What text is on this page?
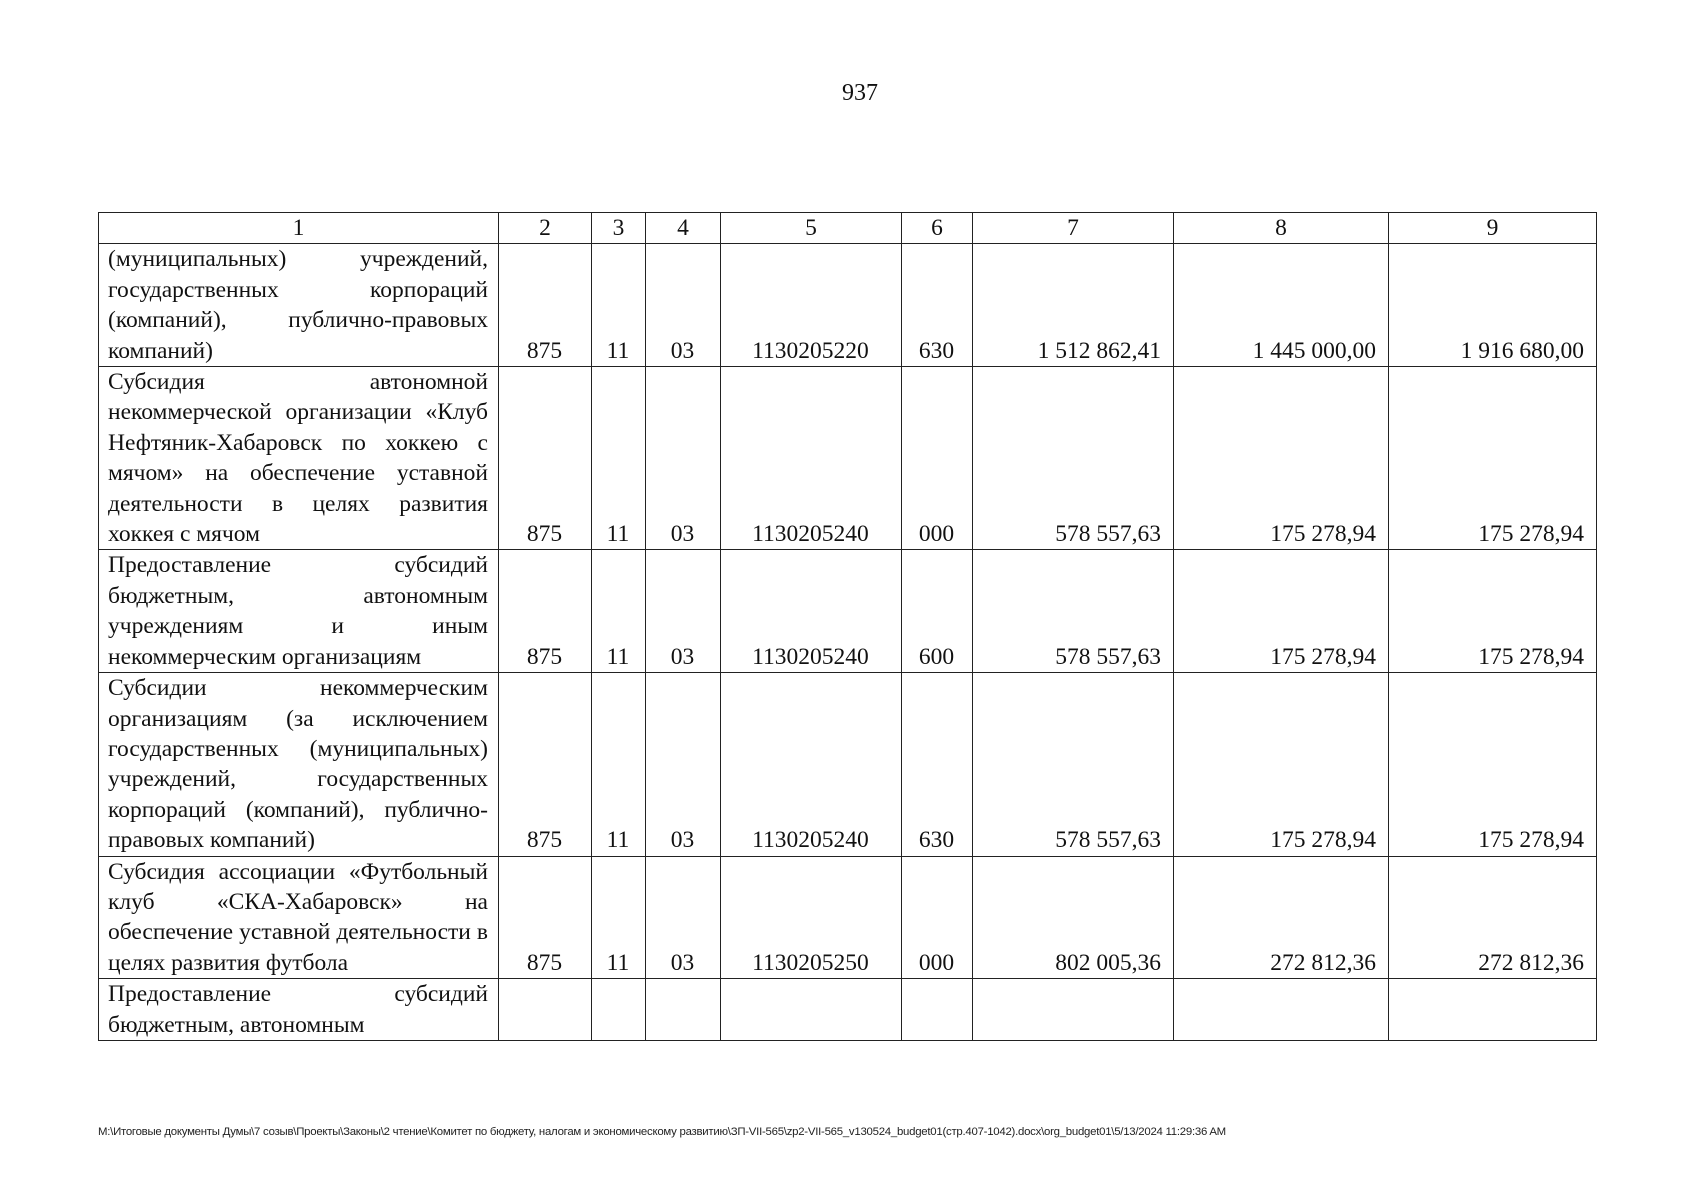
937
1	2	3	4	5	6	7	8	9
(муниципальных) учреждений, государственных корпораций (компаний), публично-правовых компаний)	875	11	03	1130205220	630	1 512 862,41	1 445 000,00	1 916 680,00
Субсидия автономной некоммерческой организации «Клуб Нефтяник-Хабаровск по хоккею с мячом» на обеспечение уставной деятельности в целях развития хоккея с мячом	875	11	03	1130205240	000	578 557,63	175 278,94	175 278,94
Предоставление субсидий бюджетным, автономным учреждениям и иным некоммерческим организациям	875	11	03	1130205240	600	578 557,63	175 278,94	175 278,94
Субсидии некоммерческим организациям (за исключением государственных (муниципальных) учреждений, государственных корпораций (компаний), публично-правовых компаний)	875	11	03	1130205240	630	578 557,63	175 278,94	175 278,94
Субсидия ассоциации «Футбольный клуб «СКА-Хабаровск» на обеспечение уставной деятельности в целях развития футбола	875	11	03	1130205250	000	802 005,36	272 812,36	272 812,36
Предоставление субсидий бюджетным, автономным								
M:\Итоговые документы Думы\7 созыв\Проекты\Законы\2 чтение\Комитет по бюджету, налогам и экономическому развитию\ЗП-VII-565\zp2-VII-565_v130524_budget01(стр.407-1042).docx\org_budget01\5/13/2024 11:29:36 AM
